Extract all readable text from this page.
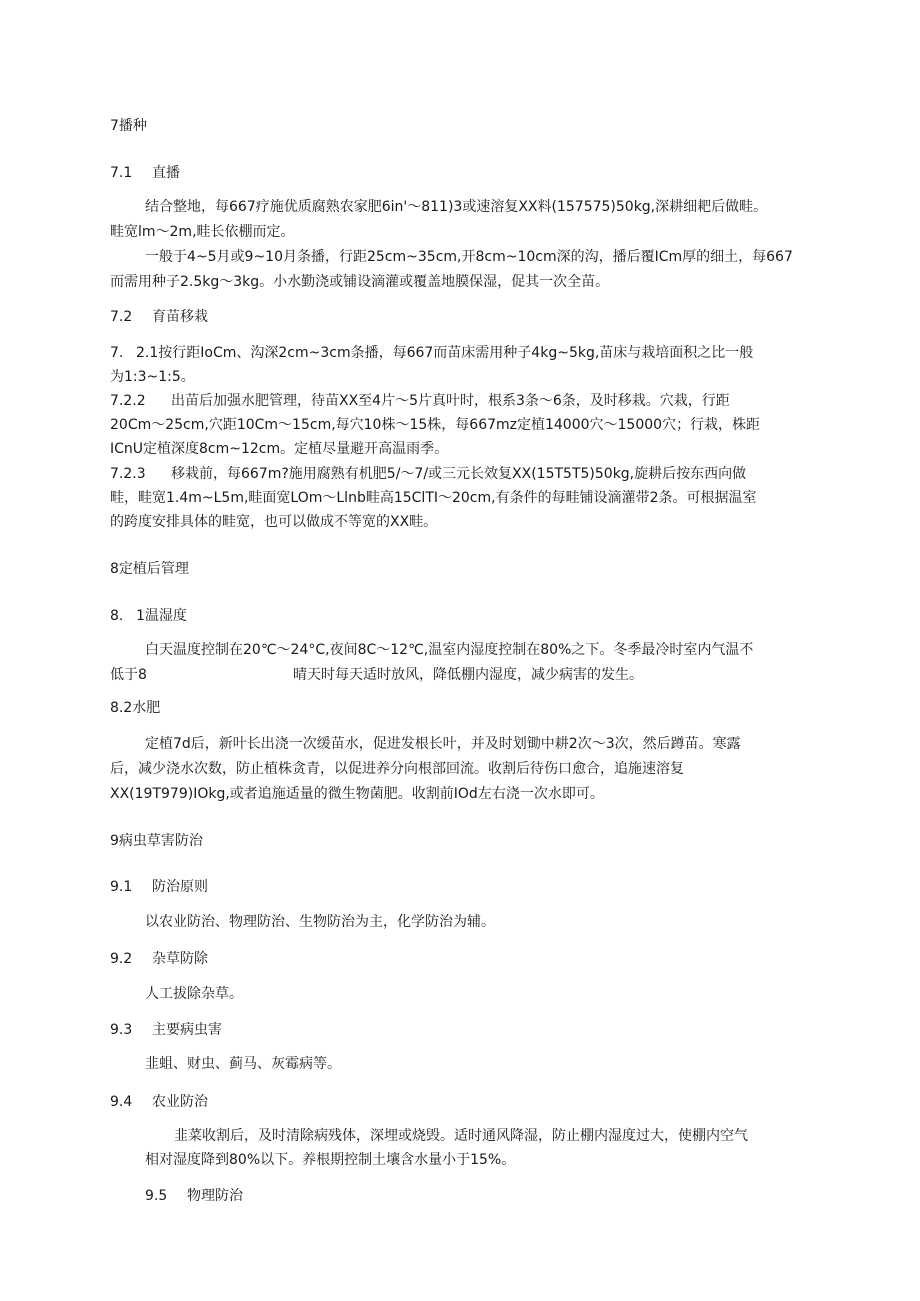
7播种
7.1 直播
结合整地，每667疗施优质腐熟农家肥6in'～811)3或速溶复XX料(157575)50kg,深耕细耙后做畦。
畦宽lm～2m,畦长依棚而定。
一般于4~5月或9~10月条播，行距25cm~35cm,开8cm~10cm深的沟，播后覆ICm厚的细土，每667
而需用种子2.5kg～3kg。小水勤浇或铺设滴灌或覆盖地膜保湿，促其一次全苗。
7.2 育苗移栽
7. 2.1按行距IoCm、沟深2cm~3cm条播，每667而苗床需用种子4kg~5kg,苗床与栽培面积之比一般
为1:3~1:5。
7.2.2 出苗后加强水肥管理，待苗XX至4片～5片真叶时，根系3条～6条，及时移栽。穴栽，行距
20Cm～25cm,穴距10Cm～15cm,每穴10株～15株，每667mz定植14000穴～15000穴；行栽，株距
ICnU定植深度8cm~12cm。定植尽量避开高温雨季。
7.2.3 移栽前，每667m?施用腐熟有机肥5/～7/或三元长效复XX(15T5T5)50kg,旋耕后按东西向做
畦，畦宽1.4m~L5m,畦面宽LOm～Llnb畦高15ClTI～20cm,有条件的每畦铺设滴灌带2条。可根据温室
的跨度安排具体的畦宽，也可以做成不等宽的XX畦。
8定植后管理
8. 1温湿度
白天温度控制在20℃～24°C,夜间8C～12℃,温室内湿度控制在80%之下。冬季最冷时室内气温不
低于8	晴天时每天适时放风，降低棚内湿度，减少病害的发生。
8.2水肥
定植7d后，新叶长出浇一次缓苗水，促进发根长叶，并及时划锄中耕2次～3次，然后蹲苗。寒露
后，减少浇水次数，防止植株贪青，以促进养分向根部回流。收割后待伤口愈合，追施速溶复
XX(19T979)IOkg,或者追施适量的微生物菌肥。收割前IOd左右浇一次水即可。
9病虫草害防治
9.1 防治原则
以农业防治、物理防治、生物防治为主，化学防治为辅。
9.2 杂草防除
人工拔除杂草。
9.3 主要病虫害
韭蛆、财虫、蓟马、灰霉病等。
9.4 农业防治
韭菜收割后，及时清除病残体，深埋或烧毁。适时通风降湿，防止棚内湿度过大，使棚内空气
相对湿度降到80%以下。养根期控制土壤含水量小于15%。
9.5 物理防治
